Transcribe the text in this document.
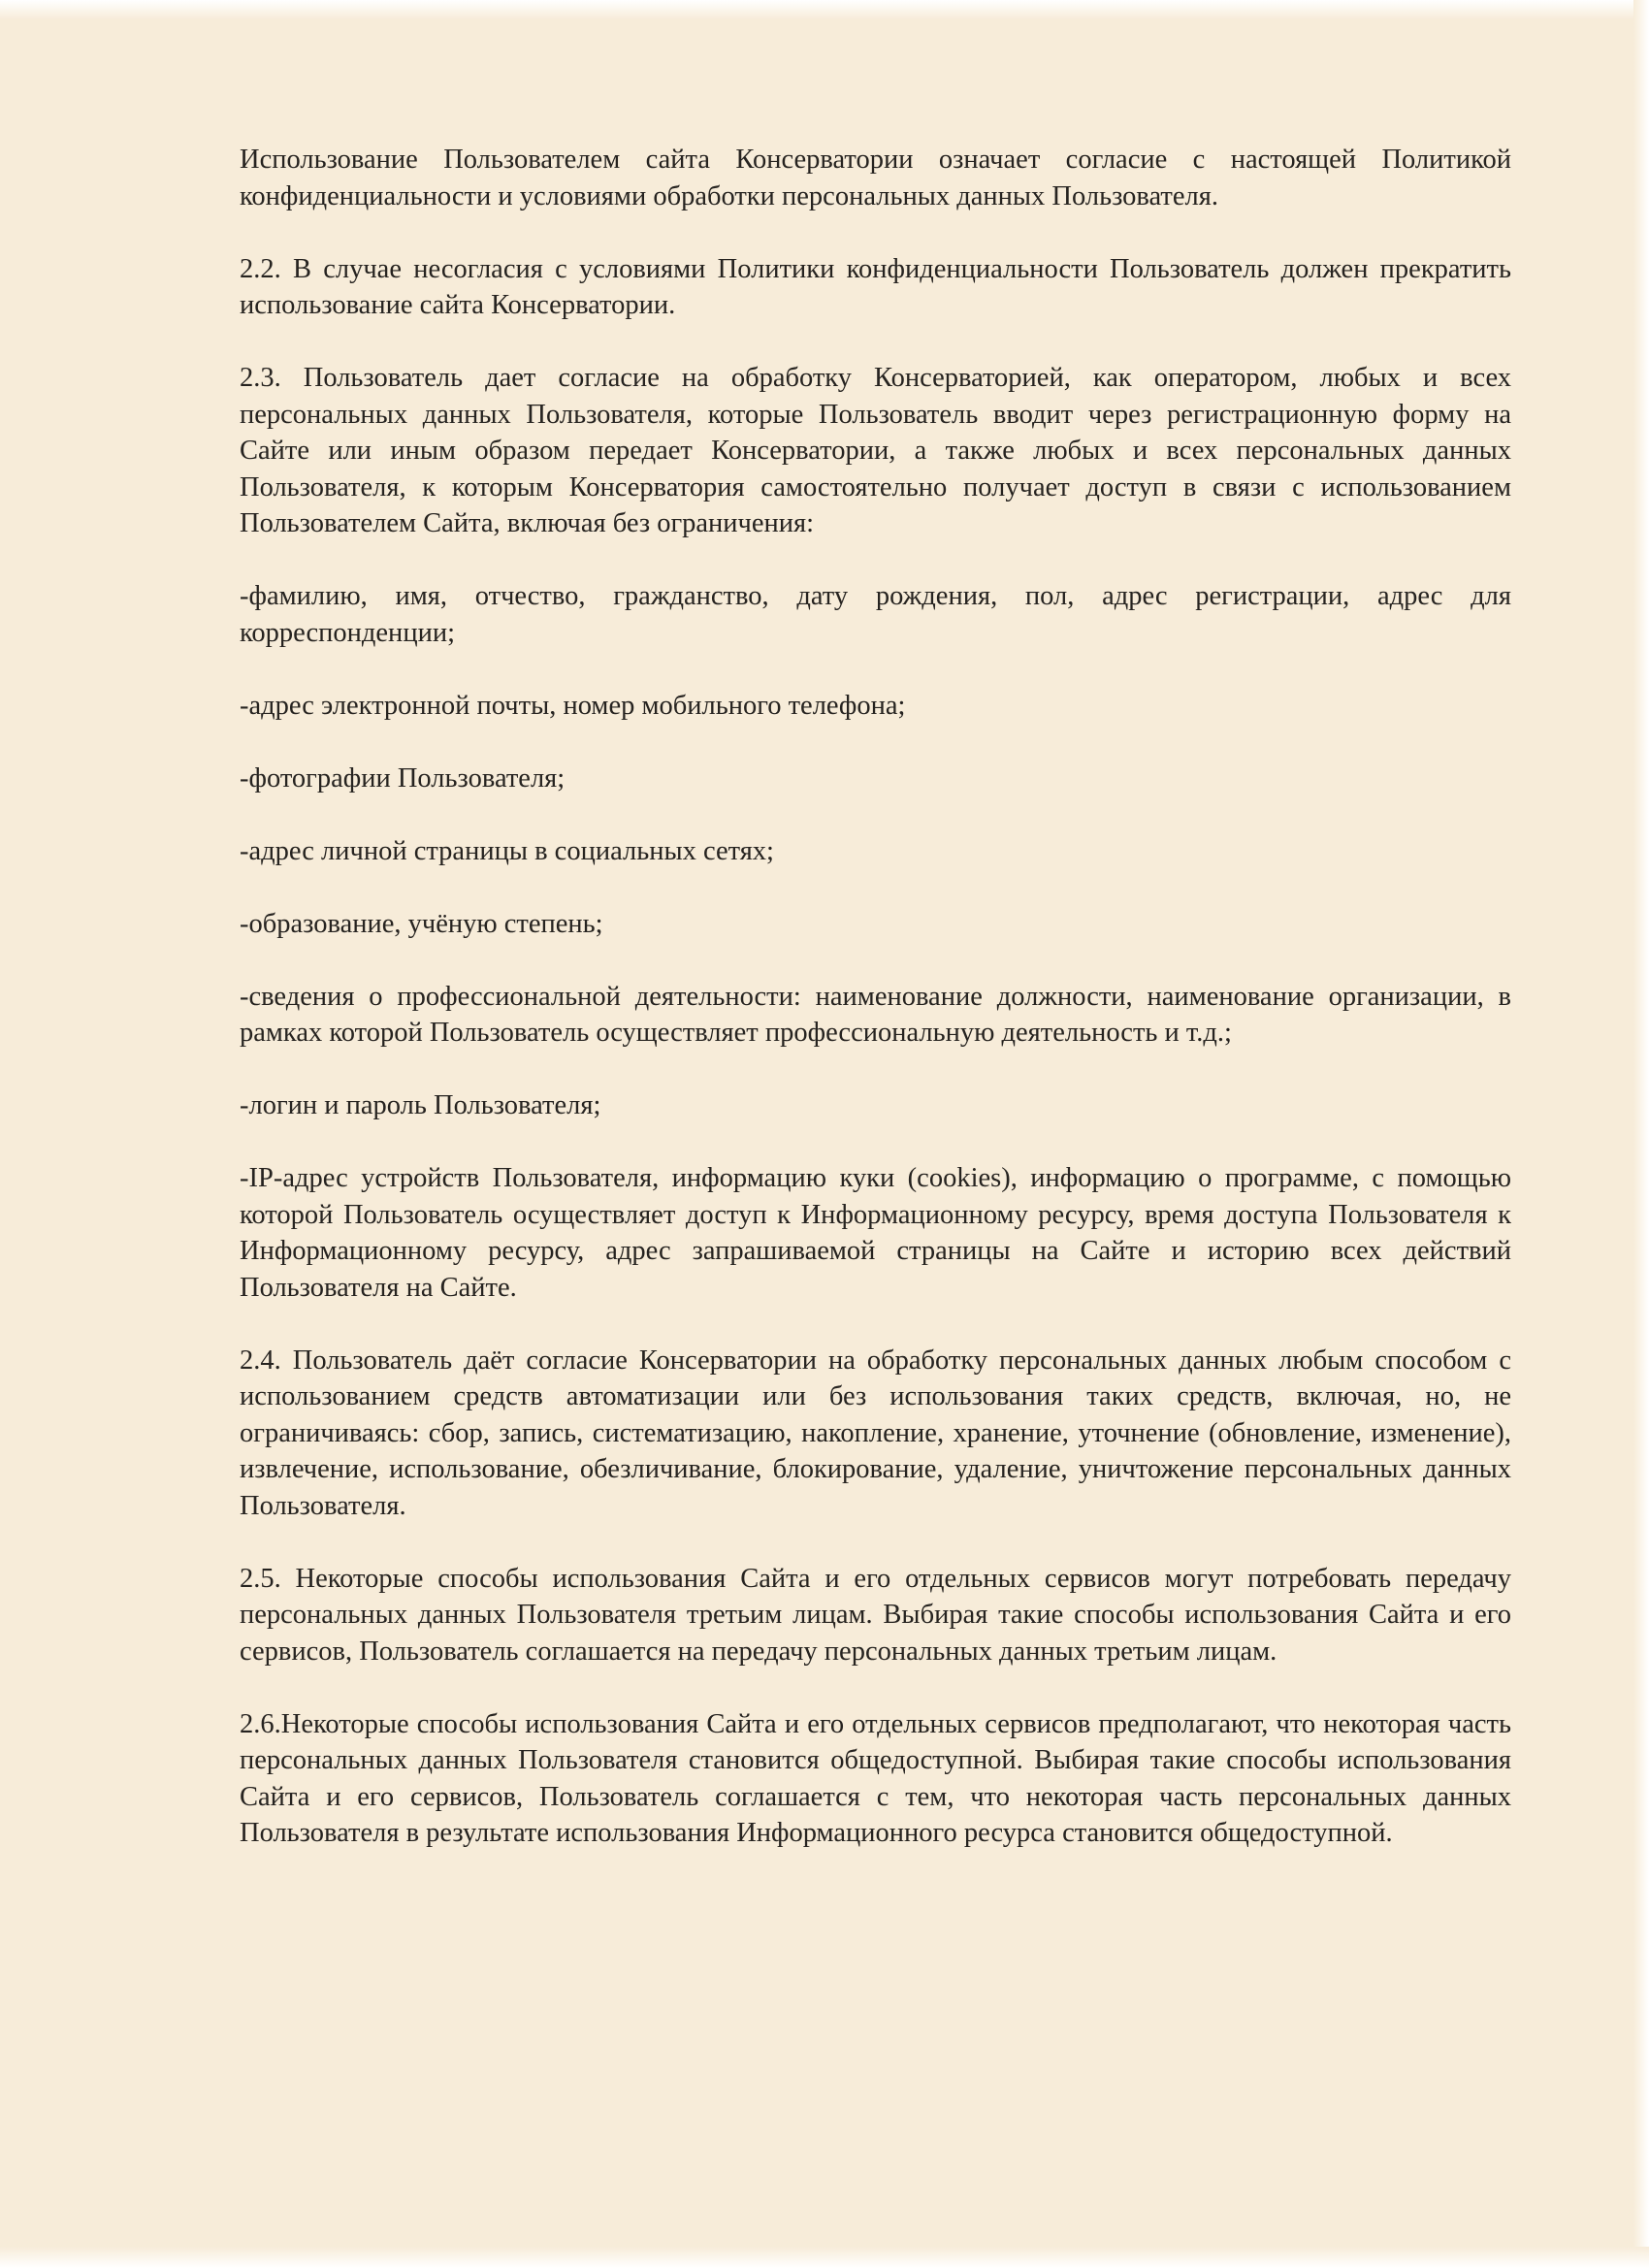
Использование Пользователем сайта Консерватории означает согласие с настоящей Политикой конфиденциальности и условиями обработки персональных данных Пользователя.

2.2. В случае несогласия с условиями Политики конфиденциальности Пользователь должен прекратить использование сайта Консерватории.

2.3. Пользователь дает согласие на обработку Консерваторией, как оператором, любых и всех персональных данных Пользователя, которые Пользователь вводит через регистрационную форму на Сайте или иным образом передает Консерватории, а также любых и всех персональных данных Пользователя, к которым Консерватория самостоятельно получает доступ в связи с использованием Пользователем Сайта, включая без ограничения:

-фамилию, имя, отчество, гражданство, дату рождения, пол, адрес регистрации, адрес для корреспонденции;

-адрес электронной почты, номер мобильного телефона;

-фотографии Пользователя;

-адрес личной страницы в социальных сетях;

-образование, учёную степень;

-сведения о профессиональной деятельности: наименование должности, наименование организации, в рамках которой Пользователь осуществляет профессиональную деятельность и т.д.;

-логин и пароль Пользователя;

-IP-адрес устройств Пользователя, информацию куки (cookies), информацию о программе, с помощью которой Пользователь осуществляет доступ к Информационному ресурсу, время доступа Пользователя к Информационному ресурсу, адрес запрашиваемой страницы на Сайте и историю всех действий Пользователя на Сайте.

2.4. Пользователь даёт согласие Консерватории на обработку персональных данных любым способом с использованием средств автоматизации или без использования таких средств, включая, но, не ограничиваясь: сбор, запись, систематизацию, накопление, хранение, уточнение (обновление, изменение), извлечение, использование, обезличивание, блокирование, удаление, уничтожение персональных данных Пользователя.

2.5. Некоторые способы использования Сайта и его отдельных сервисов могут потребовать передачу персональных данных Пользователя третьим лицам. Выбирая такие способы использования Сайта и его сервисов, Пользователь соглашается на передачу персональных данных третьим лицам.

2.6.Некоторые способы использования Сайта и его отдельных сервисов предполагают, что некоторая часть персональных данных Пользователя становится общедоступной. Выбирая такие способы использования Сайта и его сервисов, Пользователь соглашается с тем, что некоторая часть персональных данных Пользователя в результате использования Информационного ресурса становится общедоступной.
